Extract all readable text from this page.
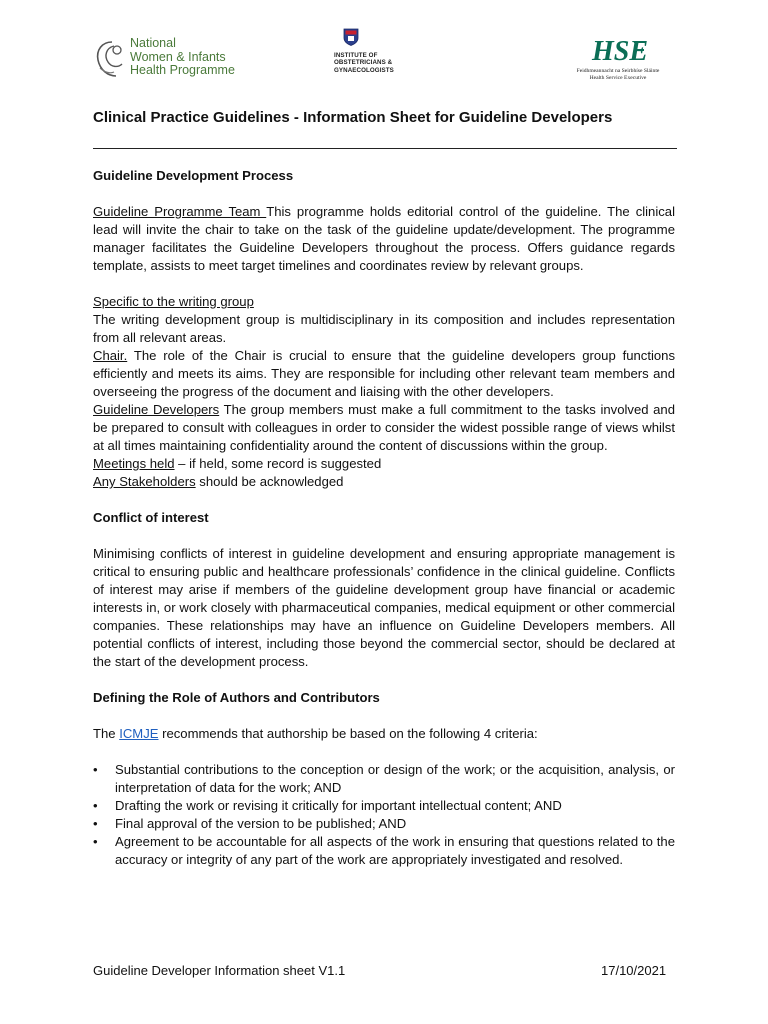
National
Women & Infants
Health Programme
INSTITUTE OF
OBSTETRICIANS &
GYNAECOLOGISTS
HSE
Feidhmeannacht na Seirbhíse Sláinte
Health Service Executive
Clinical Practice Guidelines - Information Sheet for Guideline Developers

Guideline Development Process

Guideline Programme Team This programme holds editorial control of the guideline. The clinical lead will invite the chair to take on the task of the guideline update/development. The programme manager facilitates the Guideline Developers throughout the process. Offers guidance regards template, assists to meet target timelines and coordinates review by relevant groups.

Specific to the writing group

The writing development group is multidisciplinary in its composition and includes representation from all relevant areas.

Chair. The role of the Chair is crucial to ensure that the guideline developers group functions efficiently and meets its aims. They are responsible for including other relevant team members and overseeing the progress of the document and liaising with the other developers.

Guideline Developers The group members must make a full commitment to the tasks involved and be prepared to consult with colleagues in order to consider the widest possible range of views whilst at all times maintaining confidentiality around the content of discussions within the group.

Meetings held – if held, some record is suggested

Any Stakeholders should be acknowledged

Conflict of interest

Minimising conflicts of interest in guideline development and ensuring appropriate management is critical to ensuring public and healthcare professionals’ confidence in the clinical guideline. Conflicts of interest may arise if members of the guideline development group have financial or academic interests in, or work closely with pharmaceutical companies, medical equipment or other commercial companies. These relationships may have an influence on Guideline Developers members. All potential conflicts of interest, including those beyond the commercial sector, should be declared at the start of the development process.

Defining the Role of Authors and Contributors

The ICMJE recommends that authorship be based on the following 4 criteria:

• Substantial contributions to the conception or design of the work; or the acquisition, analysis, or interpretation of data for the work; AND
• Drafting the work or revising it critically for important intellectual content; AND
• Final approval of the version to be published; AND
• Agreement to be accountable for all aspects of the work in ensuring that questions related to the accuracy or integrity of any part of the work are appropriately investigated and resolved.
Guideline Developer Information sheet V1.1	17/10/2021
